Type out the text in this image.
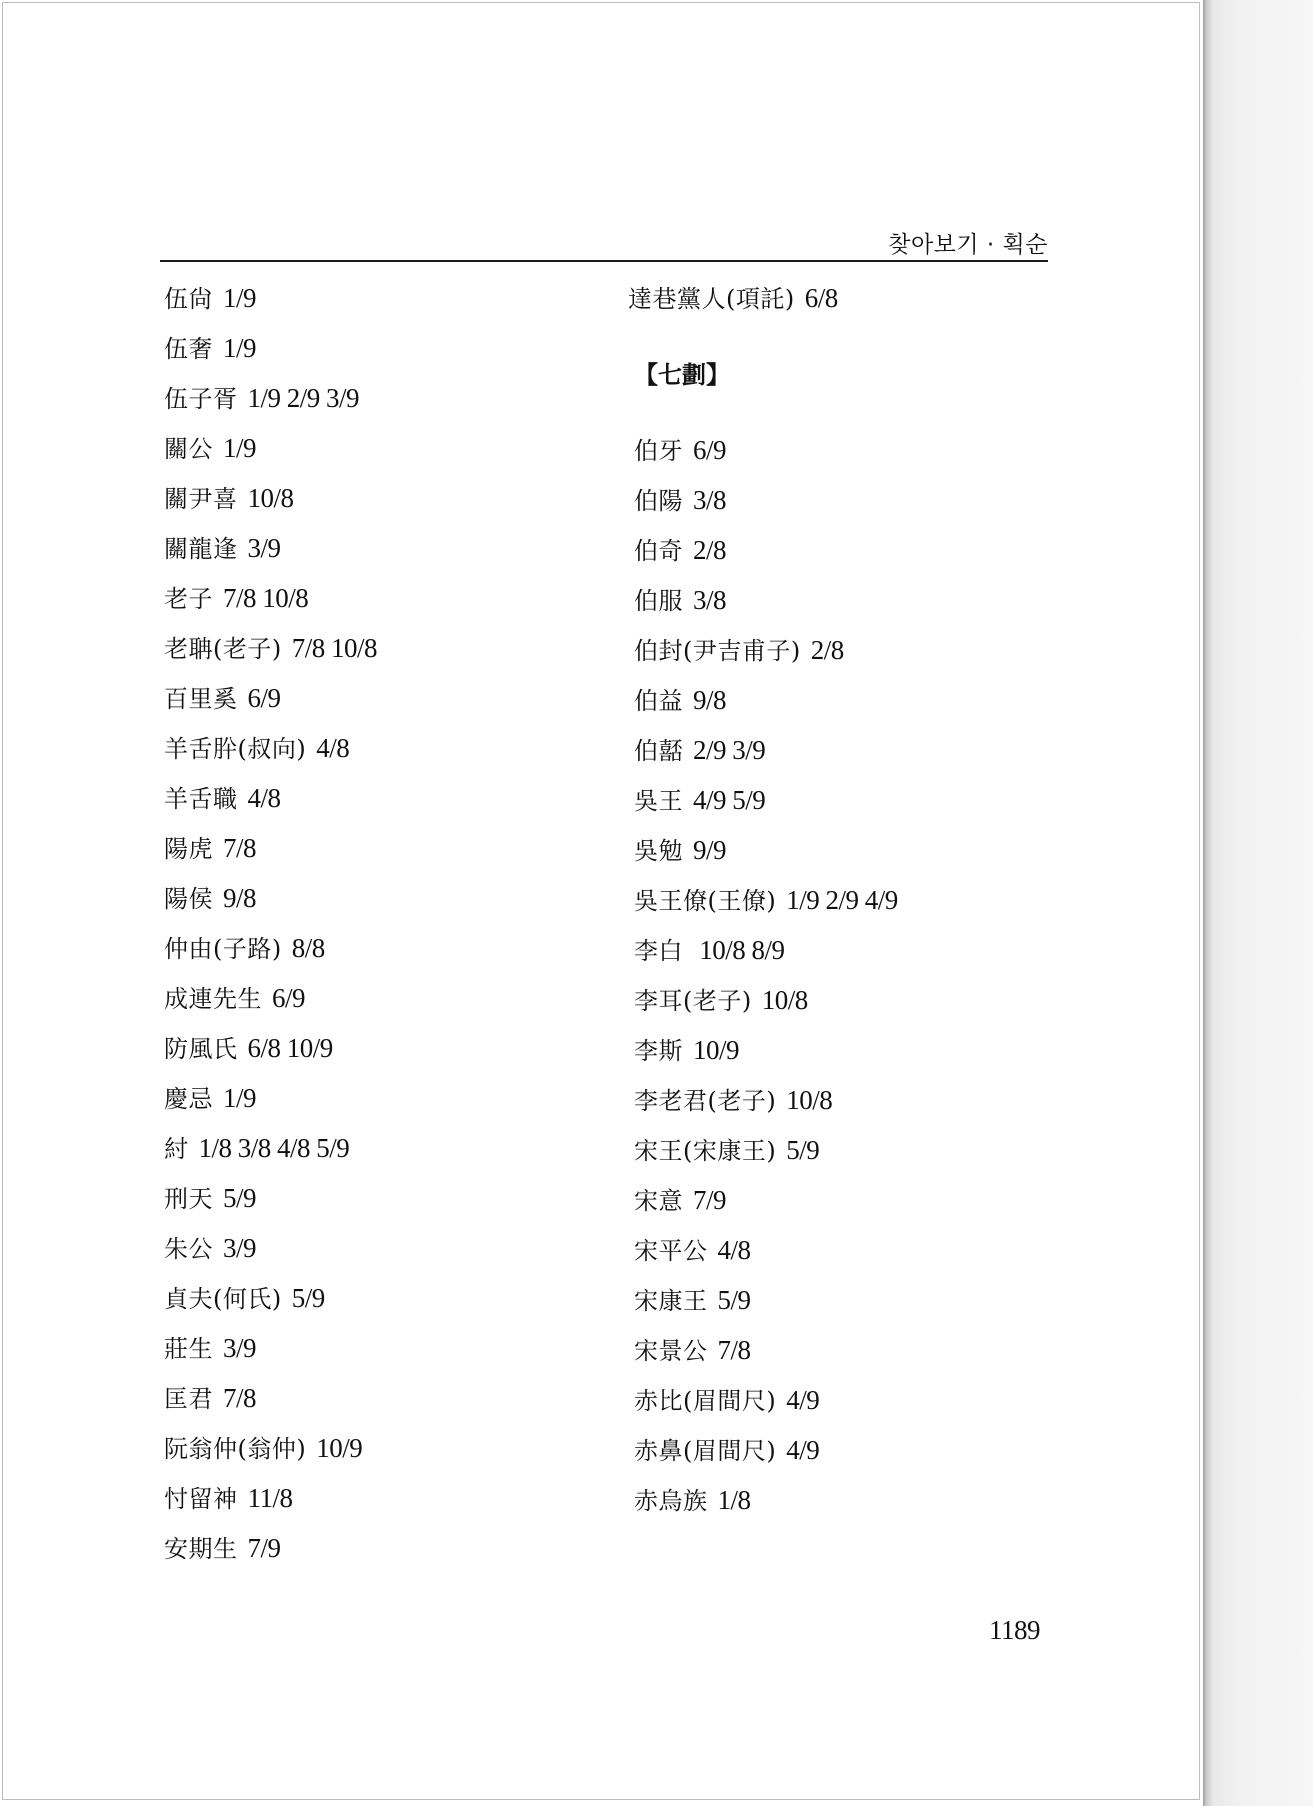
찾아보기 · 획순
伍尙 1/9
伍奢 1/9
伍子胥 1/9 2/9 3/9
關公 1/9
關尹喜 10/8
關龍逢 3/9
老子 7/8 10/8
老聃(老子) 7/8 10/8
百里奚 6/9
羊舌肸(叔向) 4/8
羊舌職 4/8
陽虎 7/8
陽侯 9/8
仲由(子路) 8/8
成連先生 6/9
防風氏 6/8 10/9
慶忌 1/9
紂 1/8 3/8 4/8 5/9
刑天 5/9
朱公 3/9
貞夫(何氏) 5/9
莊生 3/9
匡君 7/8
阮翁仲(翁仲) 10/9
忖留神 11/8
安期生 7/9
達巷黨人(項託) 6/8
【七劃】
伯牙 6/9
伯陽 3/8
伯奇 2/8
伯服 3/8
伯封(尹吉甫子) 2/8
伯益 9/8
伯嚭 2/9 3/9
吳王 4/9 5/9
吳勉 9/9
吳王僚(王僚) 1/9 2/9 4/9
李白 10/8 8/9
李耳(老子) 10/8
李斯 10/9
李老君(老子) 10/8
宋王(宋康王) 5/9
宋意 7/9
宋平公 4/8
宋康王 5/9
宋景公 7/8
赤比(眉間尺) 4/9
赤鼻(眉間尺) 4/9
赤烏族 1/8
1189
